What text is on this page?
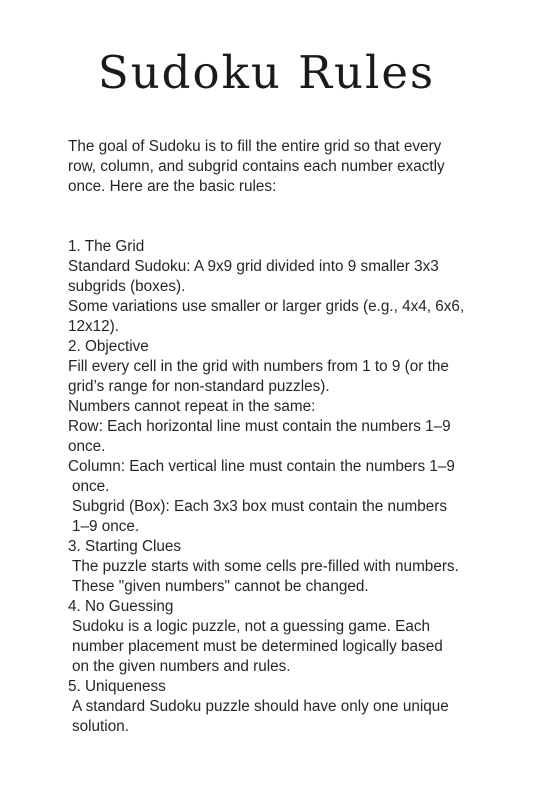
Sudoku Rules

The goal of Sudoku is to fill the entire grid so that every
row, column, and subgrid contains each number exactly
once. Here are the basic rules:

1. The Grid
Standard Sudoku: A 9x9 grid divided into 9 smaller 3x3
subgrids (boxes).
Some variations use smaller or larger grids (e.g., 4x4, 6x6,
12x12).
2. Objective
Fill every cell in the grid with numbers from 1 to 9 (or the
grid’s range for non-standard puzzles).
Numbers cannot repeat in the same:
Row: Each horizontal line must contain the numbers 1–9
once.
Column: Each vertical line must contain the numbers 1–9
once.
Subgrid (Box): Each 3x3 box must contain the numbers
1–9 once.
3. Starting Clues
The puzzle starts with some cells pre-filled with numbers.
These "given numbers" cannot be changed.
4. No Guessing
Sudoku is a logic puzzle, not a guessing game. Each
number placement must be determined logically based
on the given numbers and rules.
5. Uniqueness
A standard Sudoku puzzle should have only one unique
solution.
